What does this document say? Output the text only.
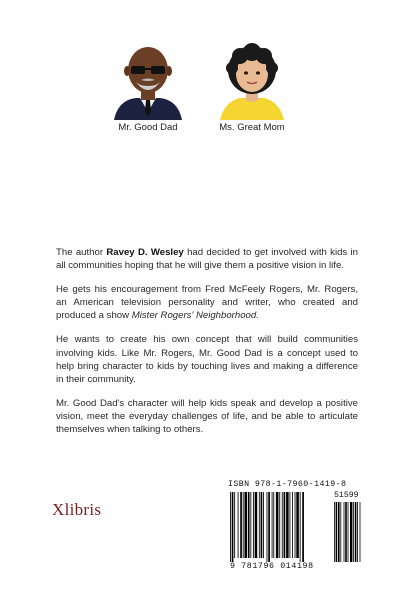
Mr. Good Dad	Ms. Great Mom

The author Ravey D. Wesley had decided to get involved with kids in all communities hoping that he will give them a positive vision in life.

He gets his encouragement from Fred McFeely Rogers, Mr. Rogers, an American television personality and writer, who created and produced a show Mister Rogers' Neighborhood.

He wants to create his own concept that will build communities involving kids. Like Mr. Rogers, Mr. Good Dad is a concept used to help bring character to kids by touching lives and making a difference in their community.

Mr. Good Dad's character will help kids speak and develop a positive vision, meet the everyday challenges of life, and be able to articulate themselves when talking to others.

Xlibris
ISBN 978-1-7960-1419-8
51599
9 781796 014198
